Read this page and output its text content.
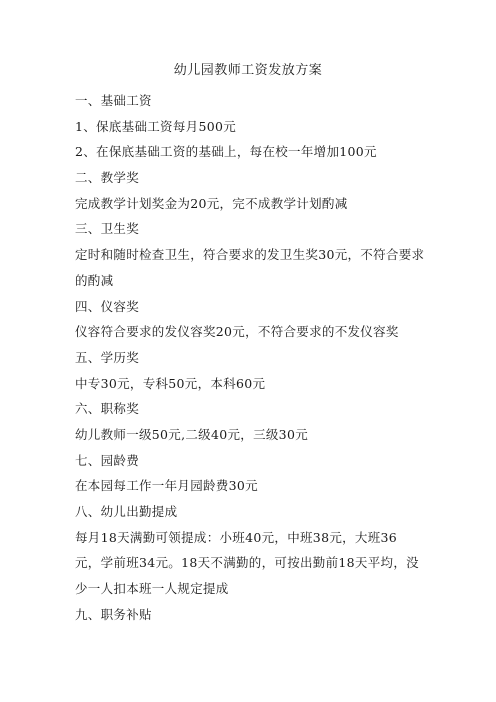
幼儿园教师工资发放方案
一、基础工资
1、保底基础工资每月500元
2、在保底基础工资的基础上，每在校一年增加100元
二、教学奖
完成教学计划奖金为20元，完不成教学计划酌减
三、卫生奖
定时和随时检查卫生，符合要求的发卫生奖30元，不符合要求
的酌减
四、仪容奖
仪容符合要求的发仪容奖20元，不符合要求的不发仪容奖
五、学历奖
中专30元，专科50元，本科60元
六、职称奖
幼儿教师一级50元,二级40元，三级30元
七、园龄费
在本园每工作一年月园龄费30元
八、幼儿出勤提成
每月18天满勤可领提成：小班40元，中班38元，大班36
元，学前班34元。18天不满勤的，可按出勤前18天平均，没
少一人扣本班一人规定提成
九、职务补贴
